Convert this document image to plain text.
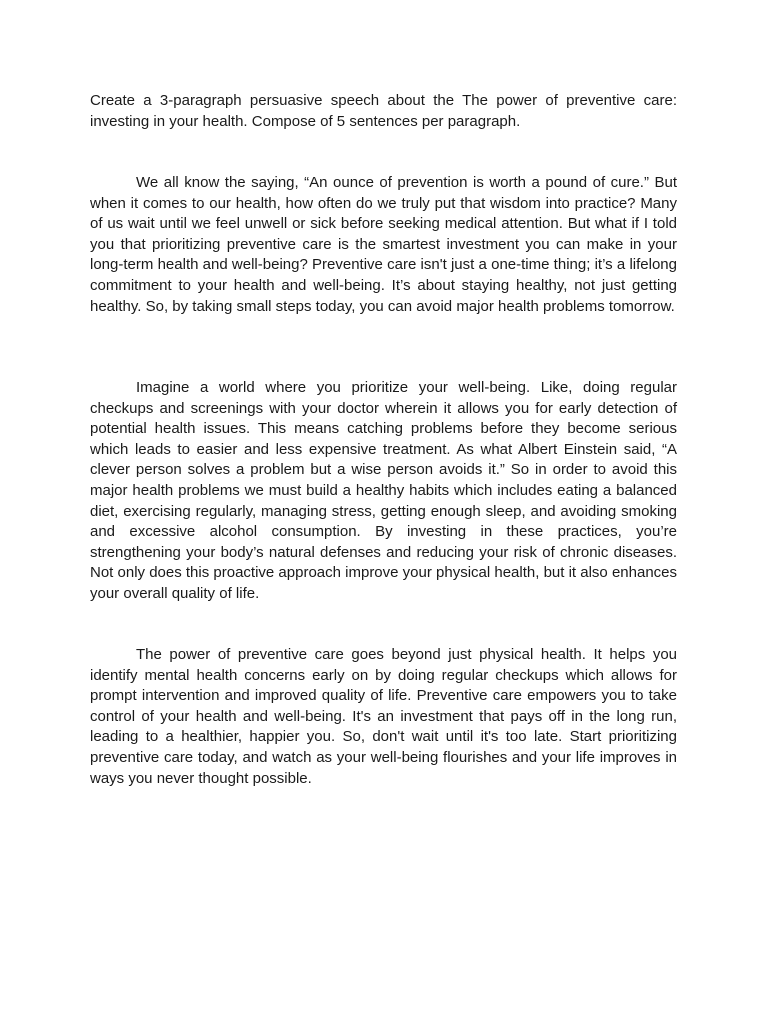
Create a 3-paragraph persuasive speech about the The power of preventive care: investing in your health. Compose of 5 sentences per paragraph.

We all know the saying, “An ounce of prevention is worth a pound of cure.” But when it comes to our health, how often do we truly put that wisdom into practice? Many of us wait until we feel unwell or sick before seeking medical attention. But what if I told you that prioritizing preventive care is the smartest investment you can make in your long-term health and well-being? Preventive care isn't just a one-time thing; it’s a lifelong commitment to your health and well-being. It’s about staying healthy, not just getting healthy. So, by taking small steps today, you can avoid major health problems tomorrow.

Imagine a world where you prioritize your well-being. Like, doing regular checkups and screenings with your doctor wherein it allows you for early detection of potential health issues. This means catching problems before they become serious which leads to easier and less expensive treatment. As what Albert Einstein said, “A clever person solves a problem but a wise person avoids it.” So in order to avoid this major health problems we must build a healthy habits which includes eating a balanced diet, exercising regularly, managing stress, getting enough sleep, and avoiding smoking and excessive alcohol consumption. By investing in these practices, you’re strengthening your body’s natural defenses and reducing your risk of chronic diseases. Not only does this proactive approach improve your physical health, but it also enhances your overall quality of life.

The power of preventive care goes beyond just physical health. It helps you identify mental health concerns early on by doing regular checkups which allows for prompt intervention and improved quality of life. Preventive care empowers you to take control of your health and well-being. It's an investment that pays off in the long run, leading to a healthier, happier you. So, don't wait until it's too late. Start prioritizing preventive care today, and watch as your well-being flourishes and your life improves in ways you never thought possible.
